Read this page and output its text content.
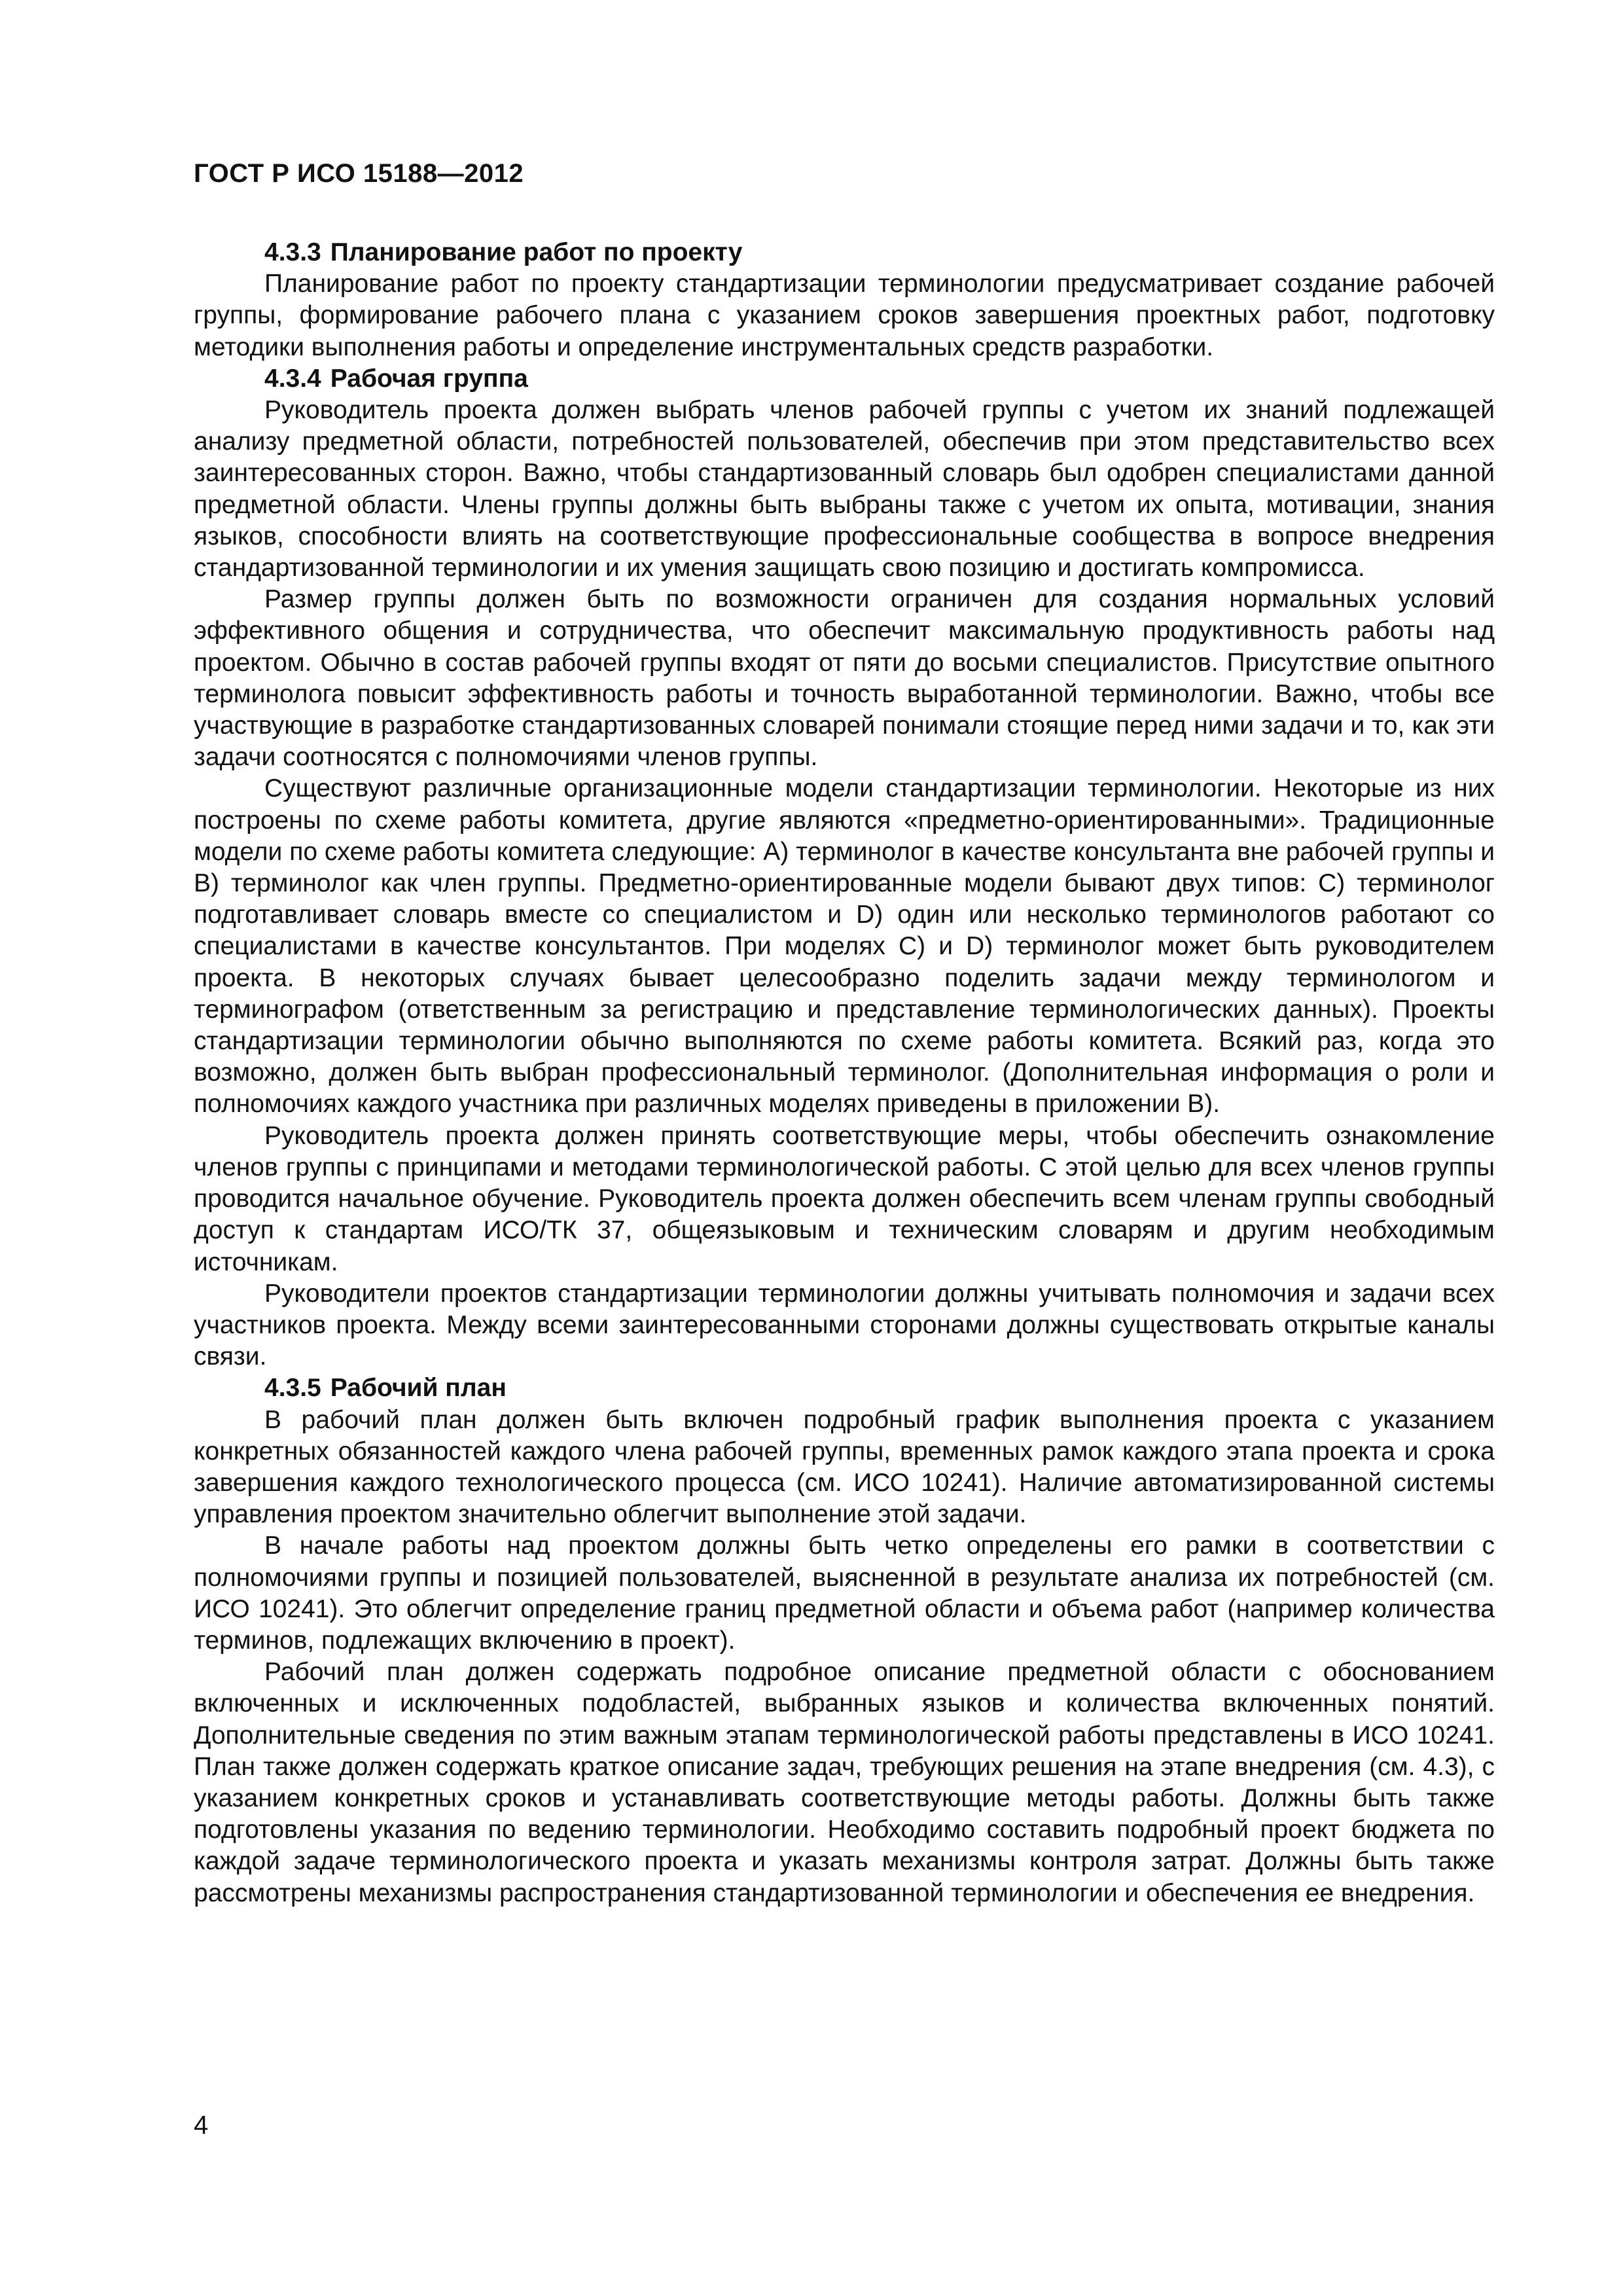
ГОСТ Р ИСО 15188—2012
4.3.3 Планирование работ по проекту

Планирование работ по проекту стандартизации терминологии предусматривает создание рабочей группы, формирование рабочего плана с указанием сроков завершения проектных работ, подготовку методики выполнения работы и определение инструментальных средств разработки.

4.3.4 Рабочая группа

Руководитель проекта должен выбрать членов рабочей группы с учетом их знаний подлежащей анализу предметной области, потребностей пользователей, обеспечив при этом представительство всех заинтересованных сторон. Важно, чтобы стандартизованный словарь был одобрен специалистами данной предметной области. Члены группы должны быть выбраны также с учетом их опыта, мотивации, знания языков, способности влиять на соответствующие профессиональные сообщества в вопросе внедрения стандартизованной терминологии и их умения защищать свою позицию и достигать компромисса.

Размер группы должен быть по возможности ограничен для создания нормальных условий эффективного общения и сотрудничества, что обеспечит максимальную продуктивность работы над проектом. Обычно в состав рабочей группы входят от пяти до восьми специалистов. Присутствие опытного терминолога повысит эффективность работы и точность выработанной терминологии. Важно, чтобы все участвующие в разработке стандартизованных словарей понимали стоящие перед ними задачи и то, как эти задачи соотносятся с полномочиями членов группы.

Существуют различные организационные модели стандартизации терминологии. Некоторые из них построены по схеме работы комитета, другие являются «предметно-ориентированными». Традиционные модели по схеме работы комитета следующие: А) терминолог в качестве консультанта вне рабочей группы и В) терминолог как член группы. Предметно-ориентированные модели бывают двух типов: С) терминолог подготавливает словарь вместе со специалистом и D) один или несколько терминологов работают со специалистами в качестве консультантов. При моделях С) и D) терминолог может быть руководителем проекта. В некоторых случаях бывает целесообразно поделить задачи между терминологом и терминографом (ответственным за регистрацию и представление терминологических данных). Проекты стандартизации терминологии обычно выполняются по схеме работы комитета. Всякий раз, когда это возможно, должен быть выбран профессиональный терминолог. (Дополнительная информация о роли и полномочиях каждого участника при различных моделях приведены в приложении В).

Руководитель проекта должен принять соответствующие меры, чтобы обеспечить ознакомление членов группы с принципами и методами терминологической работы. С этой целью для всех членов группы проводится начальное обучение. Руководитель проекта должен обеспечить всем членам группы свободный доступ к стандартам ИСО/ТК 37, общеязыковым и техническим словарям и другим необходимым источникам.

Руководители проектов стандартизации терминологии должны учитывать полномочия и задачи всех участников проекта. Между всеми заинтересованными сторонами должны существовать открытые каналы связи.

4.3.5 Рабочий план

В рабочий план должен быть включен подробный график выполнения проекта с указанием конкретных обязанностей каждого члена рабочей группы, временных рамок каждого этапа проекта и срока завершения каждого технологического процесса (см. ИСО 10241). Наличие автоматизированной системы управления проектом значительно облегчит выполнение этой задачи.

В начале работы над проектом должны быть четко определены его рамки в соответствии с полномочиями группы и позицией пользователей, выясненной в результате анализа их потребностей (см. ИСО 10241). Это облегчит определение границ предметной области и объема работ (например количества терминов, подлежащих включению в проект).

Рабочий план должен содержать подробное описание предметной области с обоснованием включенных и исключенных подобластей, выбранных языков и количества включенных понятий. Дополнительные сведения по этим важным этапам терминологической работы представлены в ИСО 10241. План также должен содержать краткое описание задач, требующих решения на этапе внедрения (см. 4.3), с указанием конкретных сроков и устанавливать соответствующие методы работы. Должны быть также подготовлены указания по ведению терминологии. Необходимо составить подробный проект бюджета по каждой задаче терминологического проекта и указать механизмы контроля затрат. Должны быть также рассмотрены механизмы распространения стандартизованной терминологии и обеспечения ее внедрения.

4
